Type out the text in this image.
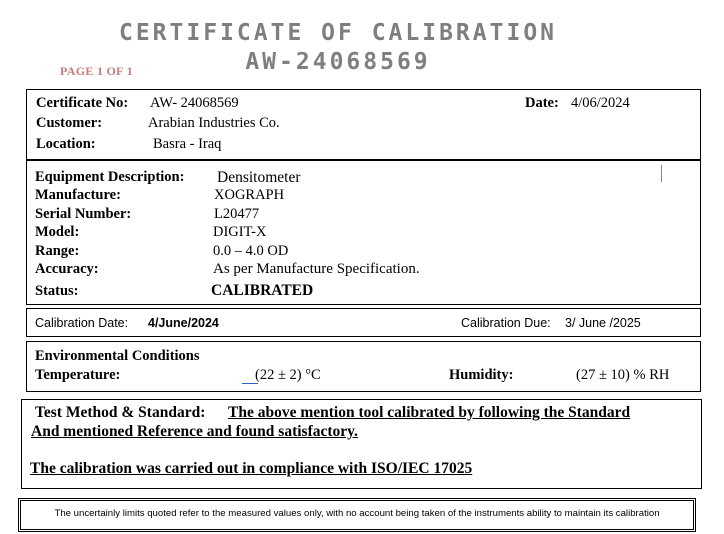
CERTIFICATE OF CALIBRATION
AW-24068569
PAGE 1 OF 1
Certificate No: AW- 24068569	Date: 4/06/2024
Customer:	Arabian Industries Co.
Location:	Basra - Iraq
Equipment Description: Densitometer
Manufacture:	XOGRAPH
Serial Number:	L20477
Model:	DIGIT-X
Range:	0.0 – 4.0 OD
Accuracy:	As per Manufacture Specification.
Status:	CALIBRATED
Calibration Date: 4/June/2024	Calibration Due: 3/ June /2025
Environmental Conditions
Temperature:	(22 ± 2) °C	Humidity:	(27 ± 10) % RH
Test Method & Standard: The above mention tool calibrated by following the Standard
And mentioned Reference and found satisfactory.
The calibration was carried out in compliance with ISO/IEC 17025
The uncertainly limits quoted refer to the measured values only, with no account being taken of the instruments ability to maintain its calibration
